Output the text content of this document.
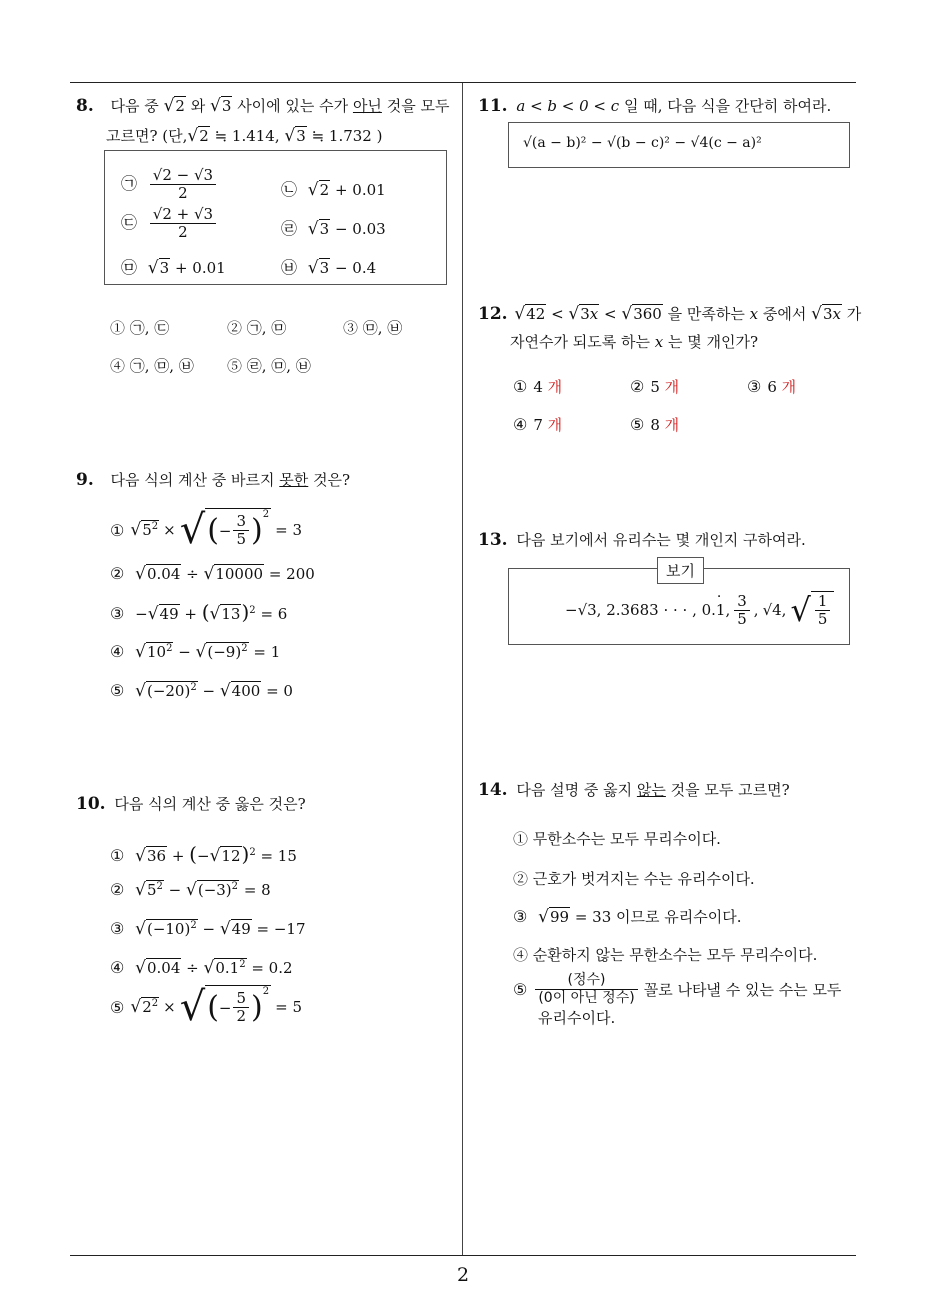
2
8. 다음 중 √2 와 √3 사이에 있는 수가 아닌 것을 모두
고르면? (단,√2 ≒ 1.414, √3 ≒ 1.732 )
㉠ $\frac{√2 - √3}{2}$	㉡ √2 + 0.01
㉢ $\frac{√2 + √3}{2}$	㉣ √3 − 0.03
㉤ √3 + 0.01	㉥ √3 − 0.4
① ㉠, ㉢	② ㉠, ㉤	③ ㉤, ㉥
④ ㉠, ㉤, ㉥ ⑤ ㉣, ㉤, ㉥
9. 다음 식의 계산 중 바르지 못한 것은?
① $√5^2$ × √ ( − $\frac{3}{5} )^2$
= 3
② √0.04 ÷ √10000 = 200
③ $-√49 + (√13)^2 = 6$
④ $√10^2 - √(-9)^2 = 1$
⑤ $√(-20)^2 - √400 = 0$
10. 다음 식의 계산 중 옳은 것은?
① $√36 + (-√12)^2 = 15$
② $√5^2 - √(-3)^2 = 8$
③ $√(-10)^2 - √49 = -17$
④ $√0.04 \div √0.1^2 = 0.2$
⑤ $√2^2$ × √ ( − $\frac{5}{2} )^2$
= 5
11. a < b < 0 < c 일 때, 다음 식을 간단히 하여라.
√(a − b)² − √(b − c)² − √4(c − a)²
12. √42 < √3x < √360 을 만족하는 x 중에서 √3x 가
자연수가 되도록 하는 x 는 몇 개인가?
① 4 개	② 5 개	③ 6 개
④ 7 개	⑤ 8 개
13. 다음 보기에서 유리수는 몇 개인지 구하여라.
보기
−√3, 2.3683 · · · , 0. · 1, $\frac{3}{5}$ , √4, √ $\frac{1}{5}$
14. 다음 설명 중 옳지 않는 것을 모두 고르면?
① 무한소수는 모두 무리수이다.
② 근호가 벗겨지는 수는 유리수이다.
③ √99 = 33 이므로 유리수이다.
④ 순환하지 않는 무한소수는 모두 무리수이다.
⑤ $\frac{\text{(정수)}}{\text{(0이 아닌 정수)}}$ 꼴로 나타낼 수 있는 수는 모두
유리수이다.
